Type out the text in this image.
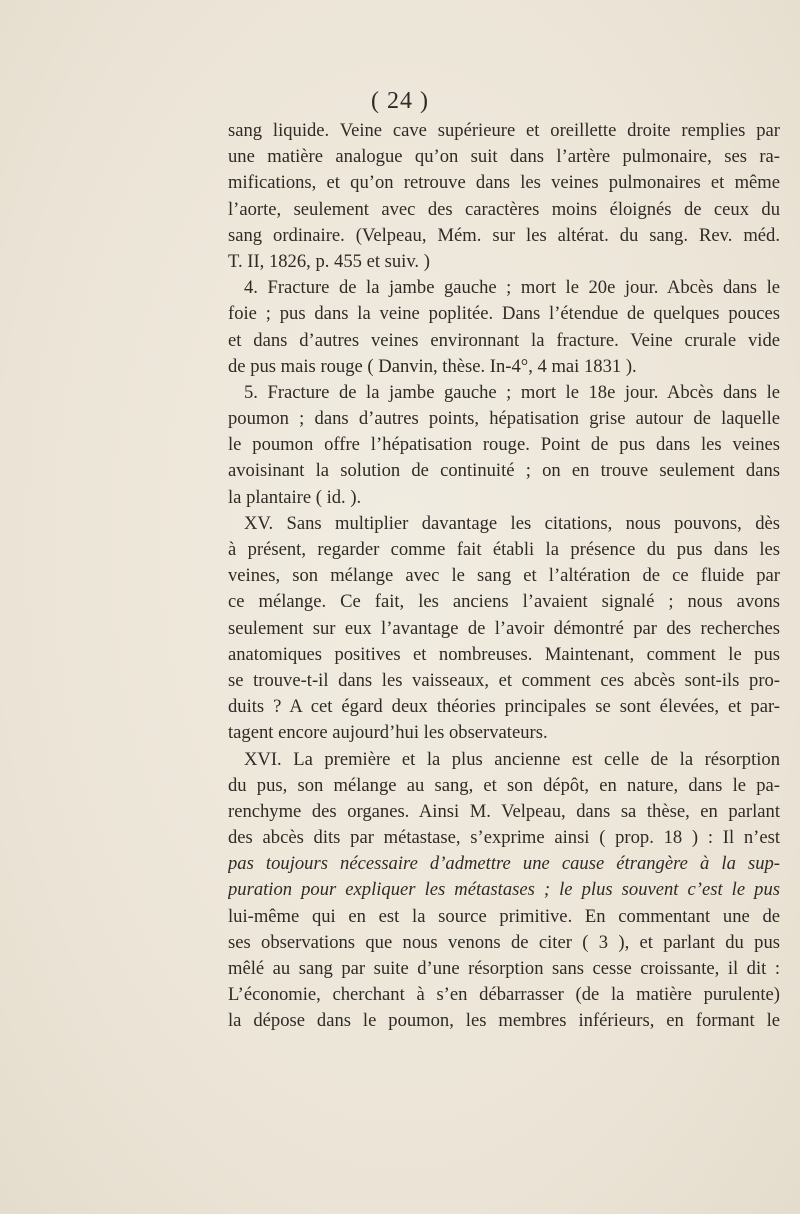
( 24 )
sang liquide. Veine cave supérieure et oreillette droite remplies par
une matière analogue qu’on suit dans l’artère pulmonaire, ses ra-
mifications, et qu’on retrouve dans les veines pulmonaires et même
l’aorte, seulement avec des caractères moins éloignés de ceux du
sang ordinaire. (Velpeau, Mém. sur les altérat. du sang. Rev. méd.
T. II, 1826, p. 455 et suiv. )
4. Fracture de la jambe gauche ; mort le 20e jour. Abcès dans le
foie ; pus dans la veine poplitée. Dans l’étendue de quelques pouces
et dans d’autres veines environnant la fracture. Veine crurale vide
de pus mais rouge ( Danvin, thèse. In-4°, 4 mai 1831 ).
5. Fracture de la jambe gauche ; mort le 18e jour. Abcès dans le
poumon ; dans d’autres points, hépatisation grise autour de laquelle
le poumon offre l’hépatisation rouge. Point de pus dans les veines
avoisinant la solution de continuité ; on en trouve seulement dans
la plantaire ( id. ).
XV. Sans multiplier davantage les citations, nous pouvons, dès
à présent, regarder comme fait établi la présence du pus dans les
veines, son mélange avec le sang et l’altération de ce fluide par
ce mélange. Ce fait, les anciens l’avaient signalé ; nous avons
seulement sur eux l’avantage de l’avoir démontré par des recherches
anatomiques positives et nombreuses. Maintenant, comment le pus
se trouve-t-il dans les vaisseaux, et comment ces abcès sont-ils pro-
duits ? A cet égard deux théories principales se sont élevées, et par-
tagent encore aujourd’hui les observateurs.
XVI. La première et la plus ancienne est celle de la résorption
du pus, son mélange au sang, et son dépôt, en nature, dans le pa-
renchyme des organes. Ainsi M. Velpeau, dans sa thèse, en parlant
des abcès dits par métastase, s’exprime ainsi ( prop. 18 ) : Il n’est
pas toujours nécessaire d’admettre une cause étrangère à la sup-
puration pour expliquer les métastases ; le plus souvent c’est le pus
lui-même qui en est la source primitive. En commentant une de
ses observations que nous venons de citer ( 3 ), et parlant du pus
mêlé au sang par suite d’une résorption sans cesse croissante, il dit :
L’économie, cherchant à s’en débarrasser (de la matière purulente)
la dépose dans le poumon, les membres inférieurs, en formant le
